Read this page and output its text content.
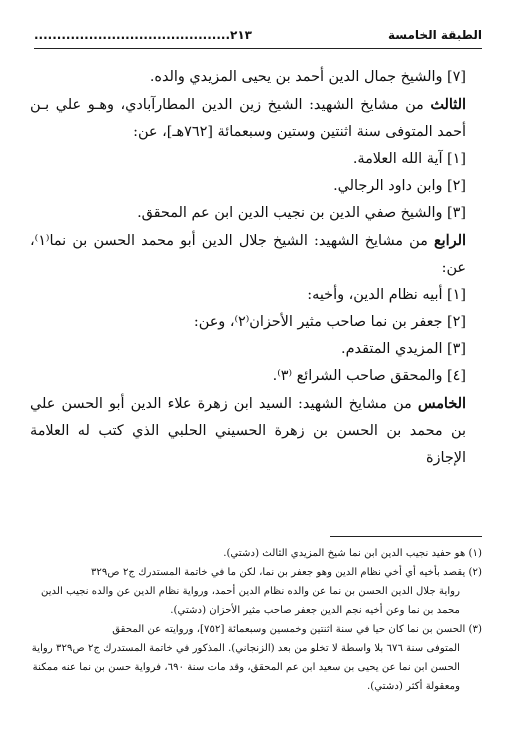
الطبقة الخامسة
٢١٣...........................................

[٧] والشيخ جمال الدين أحمد بن يحيى المزيدي والده.

الثالث من مشايخ الشهيد: الشيخ زين الدين المطارآبادي، وهـو علي بـن أحمد المتوفى سنة اثنتين وستين وسبعمائة [٧٦٢هـ]، عن:

[١] آية الله العلامة.

[٢] وابن داود الرجالي.

[٣] والشيخ صفي الدين بن نجيب الدين ابن عم المحقق.

الرابع من مشايخ الشهيد: الشيخ جلال الدين أبو محمد الحسن بن نما⁽١⁾، عن:

[١] أبيه نظام الدين، وأخيه:

[٢] جعفر بن نما صاحب مثير الأحزان⁽٢⁾، وعن:

[٣] المزيدي المتقدم.

[٤] والمحقق صاحب الشرائع ⁽٣⁾.

الخامس من مشايخ الشهيد: السيد ابن زهرة علاء الدين أبو الحسن علي بن محمد بن الحسن بن زهرة الحسيني الحلبي الذي كتب له العلامة الإجازة

(١) هو حفيد نجيب الدين ابن نما شيخ المزيدي الثالث (دشتي).

(٢) يقصد بأخيه أي أخي نظام الدين وهو جعفر بن نما، لكن ما في خاتمة المستدرك ج٢ ص٣٢٩

رواية جلال الدين الحسن بن نما عن والده نظام الدين أحمد، ورواية نظام الدين عن والده نجيب الدين محمد بن نما وعن أخيه نجم الدين جعفر صاحب مثير الأحزان (دشتي).

(٣) الحسن بن نما كان حيا في سنة اثنتين وخمسين وسبعمائة [٧٥٢]، وروايته عن المحقق

المتوفى سنة ٦٧٦ بلا واسطة لا تخلو من بعد (الزنجاني). المذكور في خاتمة المستدرك ج٢ ص٣٢٩ رواية الحسن ابن نما عن يحيى بن سعيد ابن عم المحقق، وقد مات سنة ٦٩٠، فرواية حسن بن نما عنه ممكنة ومعقولة أكثر (دشتي).
